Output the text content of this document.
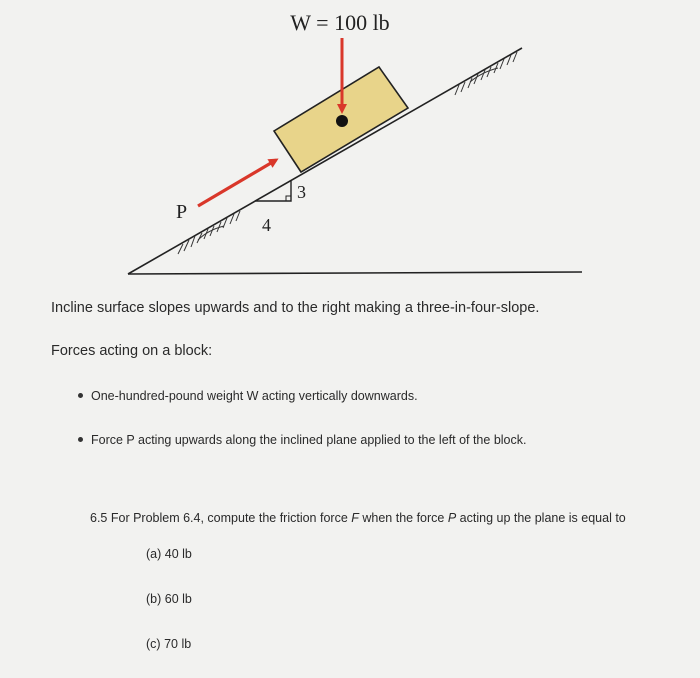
W = 100 lb
P
3
4

Incline surface slopes upwards and to the right making a three-in-four-slope.

Forces acting on a block:

One-hundred-pound weight W acting vertically downwards.
Force P acting upwards along the inclined plane applied to the left of the block.

6.5 For Problem 6.4, compute the friction force F when the force P acting up the plane is equal to

(a) 40 lb
(b) 60 lb
(c) 70 lb
